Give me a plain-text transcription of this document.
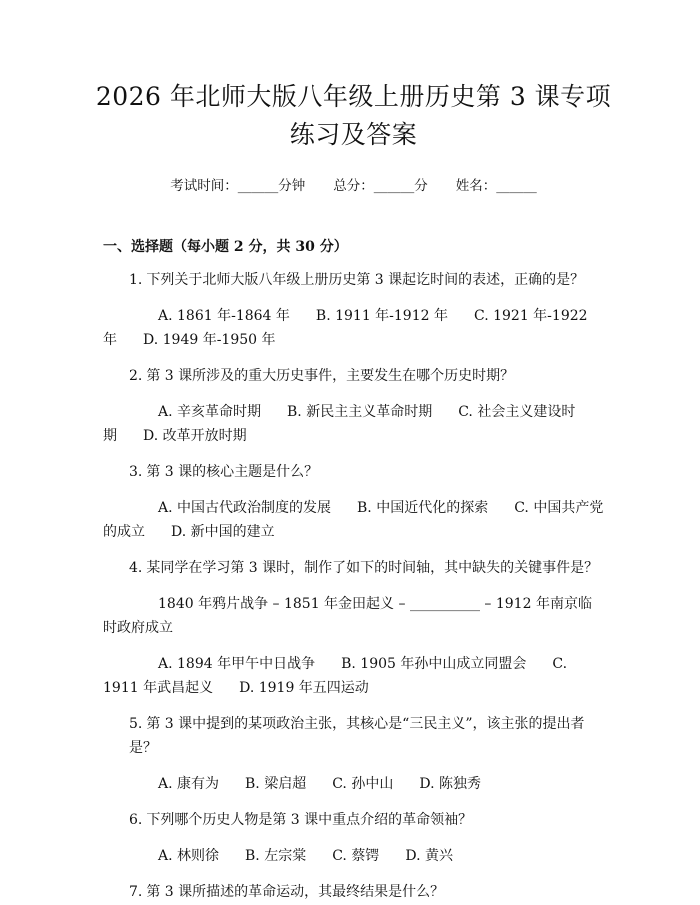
2026 年北师大版八年级上册历史第 3 课专项练习及答案
考试时间：______分钟 总分：______分 姓名：______
一、选择题（每小题 2 分，共 30 分）
1. 下列关于北师大版八年级上册历史第 3 课起讫时间的表述，正确的是？
A. 1861 年-1864 年 B. 1911 年-1912 年 C. 1921 年-1922 年 D. 1949 年-1950 年
2. 第 3 课所涉及的重大历史事件，主要发生在哪个历史时期？
A. 辛亥革命时期 B. 新民主主义革命时期 C. 社会主义建设时期 D. 改革开放时期
3. 第 3 课的核心主题是什么？
A. 中国古代政治制度的发展 B. 中国近代化的探索 C. 中国共产党的成立 D. 新中国的建立
4. 某同学在学习第 3 课时，制作了如下的时间轴，其中缺失的关键事件是？
1840 年鸦片战争 – 1851 年金田起义 – __________ – 1912 年南京临时政府成立
A. 1894 年甲午中日战争 B. 1905 年孙中山成立同盟会 C. 1911 年武昌起义 D. 1919 年五四运动
5. 第 3 课中提到的某项政治主张，其核心是“三民主义”，该主张的提出者是？
A. 康有为 B. 梁启超 C. 孙中山 D. 陈独秀
6. 下列哪个历史人物是第 3 课中重点介绍的革命领袖？
A. 林则徐 B. 左宗棠 C. 蔡锷 D. 黄兴
7. 第 3 课所描述的革命运动，其最终结果是什么？
